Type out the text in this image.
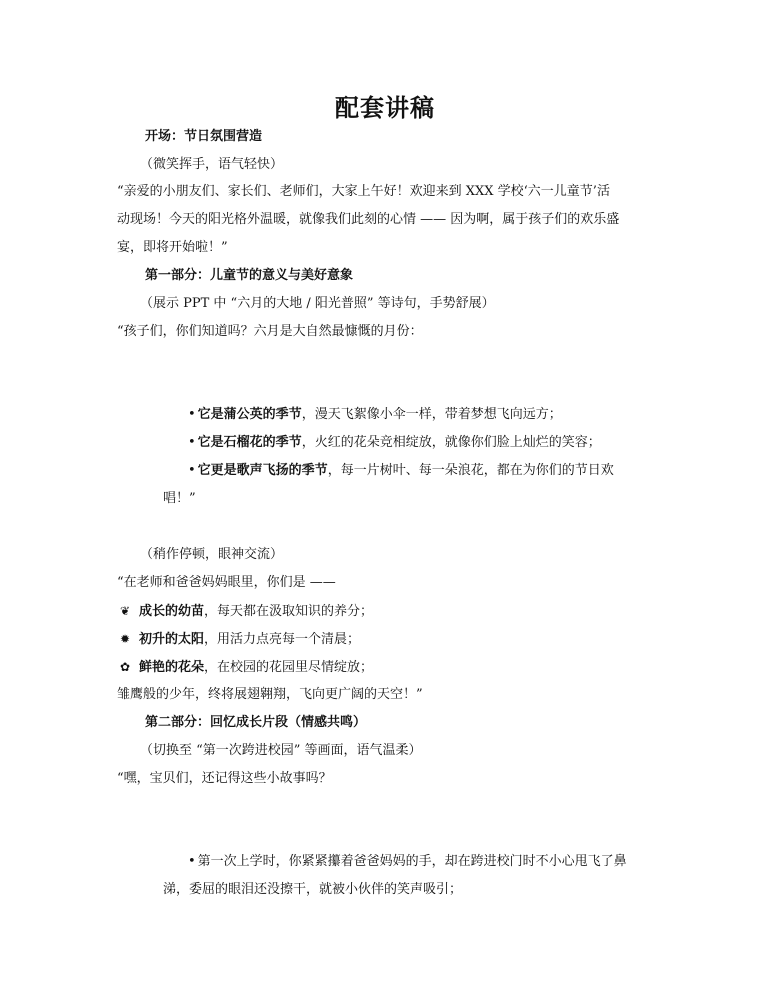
配套讲稿
开场：节日氛围营造
（微笑挥手，语气轻快）
“亲爱的小朋友们、家长们、老师们，大家上午好！欢迎来到 XXX 学校‘六一儿童节’活
动现场！今天的阳光格外温暖，就像我们此刻的心情 —— 因为啊，属于孩子们的欢乐盛
宴，即将开始啦！”
第一部分：儿童节的意义与美好意象
（展示 PPT 中 “六月的大地 / 阳光普照” 等诗句，手势舒展）
“孩子们，你们知道吗？六月是大自然最慷慨的月份：
• 它是蒲公英的季节，漫天飞絮像小伞一样，带着梦想飞向远方；
• 它是石榴花的季节，火红的花朵竞相绽放，就像你们脸上灿烂的笑容；
• 它更是歌声飞扬的季节，每一片树叶、每一朵浪花，都在为你们的节日欢
唱！”
（稍作停顿，眼神交流）
“在老师和爸爸妈妈眼里，你们是 ——
❦ 成长的幼苗，每天都在汲取知识的养分；
✹ 初升的太阳，用活力点亮每一个清晨；
✿ 鲜艳的花朵，在校园的花园里尽情绽放；
雏鹰般的少年，终将展翅翱翔，飞向更广阔的天空！”
第二部分：回忆成长片段（情感共鸣）
（切换至 “第一次跨进校园” 等画面，语气温柔）
“嘿，宝贝们，还记得这些小故事吗？
• 第一次上学时，你紧紧攥着爸爸妈妈的手，却在跨进校门时不小心甩飞了鼻
涕，委屈的眼泪还没擦干，就被小伙伴的笑声吸引；
